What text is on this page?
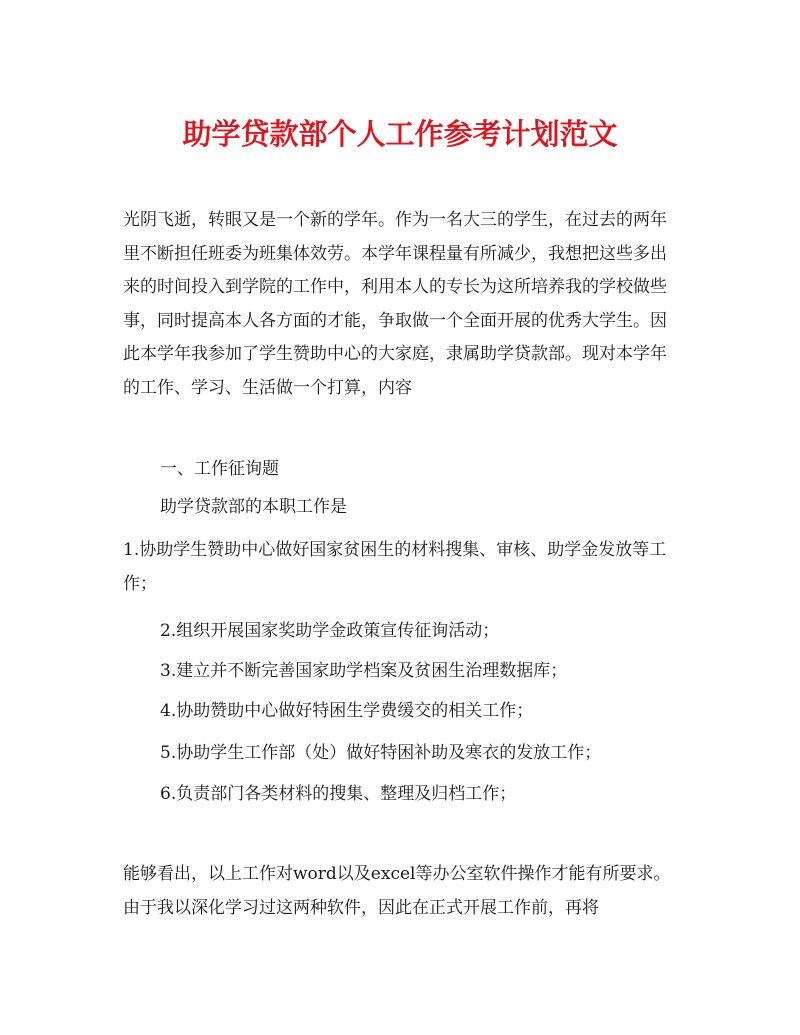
助学贷款部个人工作参考计划范文

光阴飞逝，转眼又是一个新的学年。作为一名大三的学生，在过去的两年里不断担任班委为班集体效劳。本学年课程量有所减少，我想把这些多出来的时间投入到学院的工作中，利用本人的专长为这所培养我的学校做些事，同时提高本人各方面的才能，争取做一个全面开展的优秀大学生。因此本学年我参加了学生赞助中心的大家庭，隶属助学贷款部。现对本学年的工作、学习、生活做一个打算，内容

一、工作征询题

助学贷款部的本职工作是

1.协助学生赞助中心做好国家贫困生的材料搜集、审核、助学金发放等工作；

2.组织开展国家奖助学金政策宣传征询活动；

3.建立并不断完善国家助学档案及贫困生治理数据库；

4.协助赞助中心做好特困生学费缓交的相关工作；

5.协助学生工作部（处）做好特困补助及寒衣的发放工作；

6.负责部门各类材料的搜集、整理及归档工作；

能够看出，以上工作对word以及excel等办公室软件操作才能有所要求。由于我以深化学习过这两种软件，因此在正式开展工作前，再将
